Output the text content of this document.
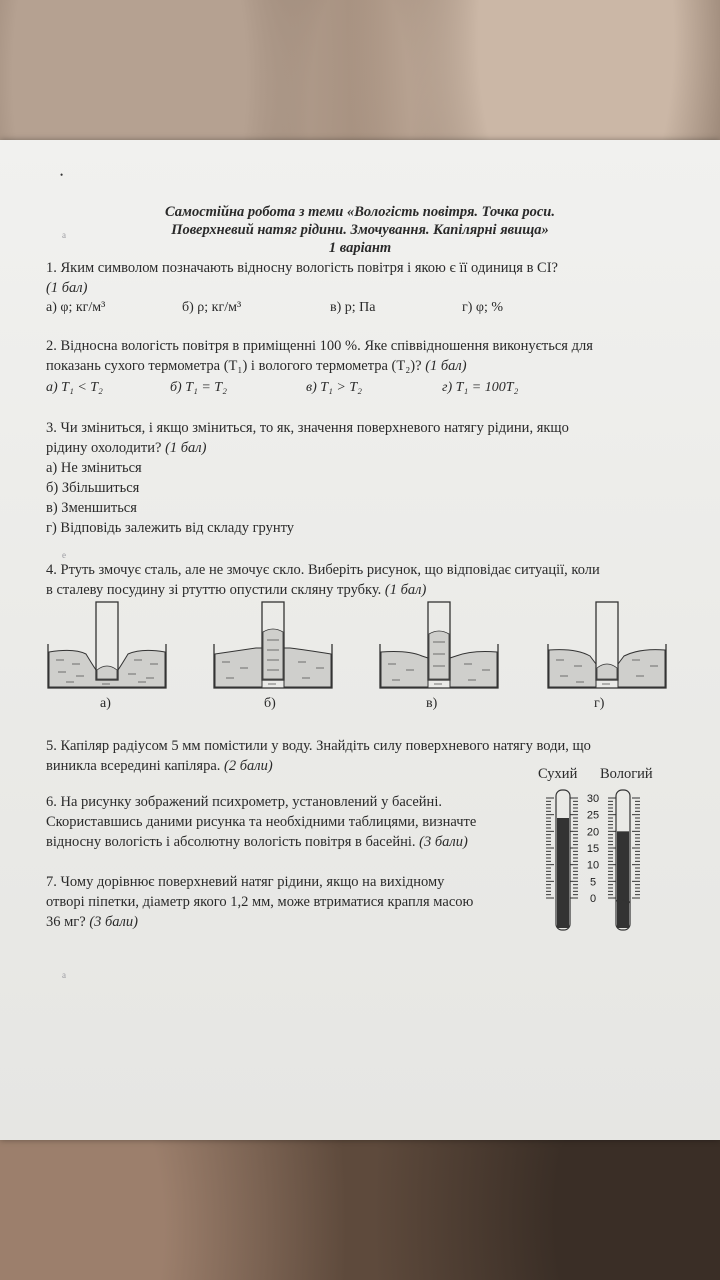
•
a
e
a
Самостійна робота з теми «Вологість повітря. Точка роси.
Поверхневий натяг рідини. Змочування. Капілярні явища»
1 варіант
1. Яким символом позначають відносну вологість повітря і якою є її одиниця в СІ?
(1 бал)
а) φ; кг/м³	б) ρ; кг/м³	в) p; Па	г) φ; %
2. Відносна вологість повітря в приміщенні 100 %. Яке співвідношення виконується для
показань сухого термометра (T₁) і вологого термометра (T₂)? (1 бал)
а) T₁ < T₂	б) T₁ = T₂	в) T₁ > T₂	г) T₁ = 100T₂
3. Чи зміниться, і якщо зміниться, то як, значення поверхневого натягу рідини, якщо
рідину охолодити? (1 бал)
а) Не зміниться
б) Збільшиться
в) Зменшиться
г) Відповідь залежить від складу грунту
4. Ртуть змочує сталь, але не змочує скло. Виберіть рисунок, що відповідає ситуації, коли
в сталеву посудину зі ртуттю опустили скляну трубку. (1 бал)
а)	б)	в)	г)
5. Капіляр радіусом 5 мм помістили у воду. Знайдіть силу поверхневого натягу води, що
виникла всередині капіляра. (2 бали)	Сухий Вологий
30
25
20
15
10
5
0
6. На рисунку зображений психрометр, установлений у басейні.
Скориставшись даними рисунка та необхідними таблицями, визначте
відносну вологість і абсолютну вологість повітря в басейні. (3 бали)
7. Чому дорівнює поверхневий натяг рідини, якщо на вихідному
отворі піпетки, діаметр якого 1,2 мм, може втриматися крапля масою
36 мг? (3 бали)
